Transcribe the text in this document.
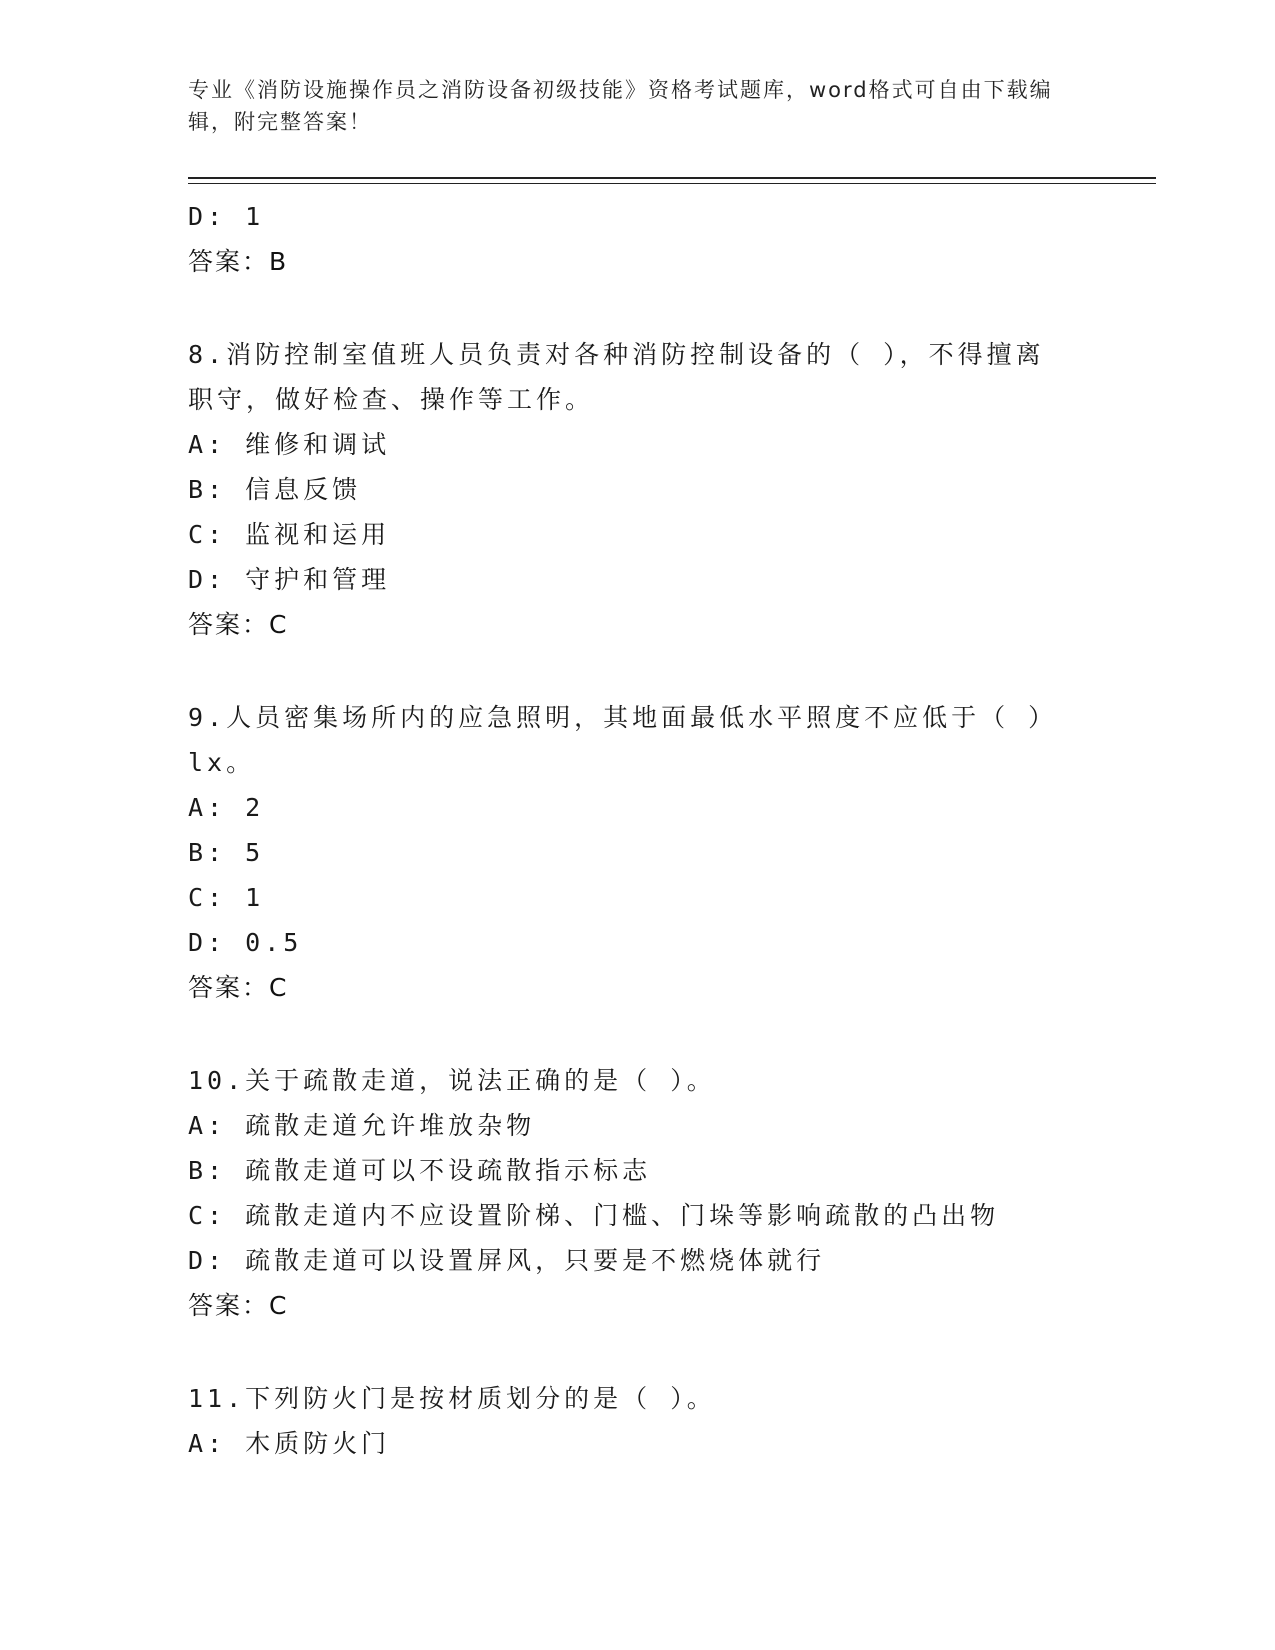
专业《消防设施操作员之消防设备初级技能》资格考试题库，word格式可自由下载编辑，附完整答案！
D: 1
答案：B
8.消防控制室值班人员负责对各种消防控制设备的（ ），不得擅离职守，做好检查、操作等工作。
A: 维修和调试
B: 信息反馈
C: 监视和运用
D: 守护和管理
答案：C
9.人员密集场所内的应急照明，其地面最低水平照度不应低于（ ）lx。
A: 2
B: 5
C: 1
D: 0.5
答案：C
10.关于疏散走道，说法正确的是（ ）。
A: 疏散走道允许堆放杂物
B: 疏散走道可以不设疏散指示标志
C: 疏散走道内不应设置阶梯、门槛、门垛等影响疏散的凸出物
D: 疏散走道可以设置屏风，只要是不燃烧体就行
答案：C
11.下列防火门是按材质划分的是（ ）。
A: 木质防火门
